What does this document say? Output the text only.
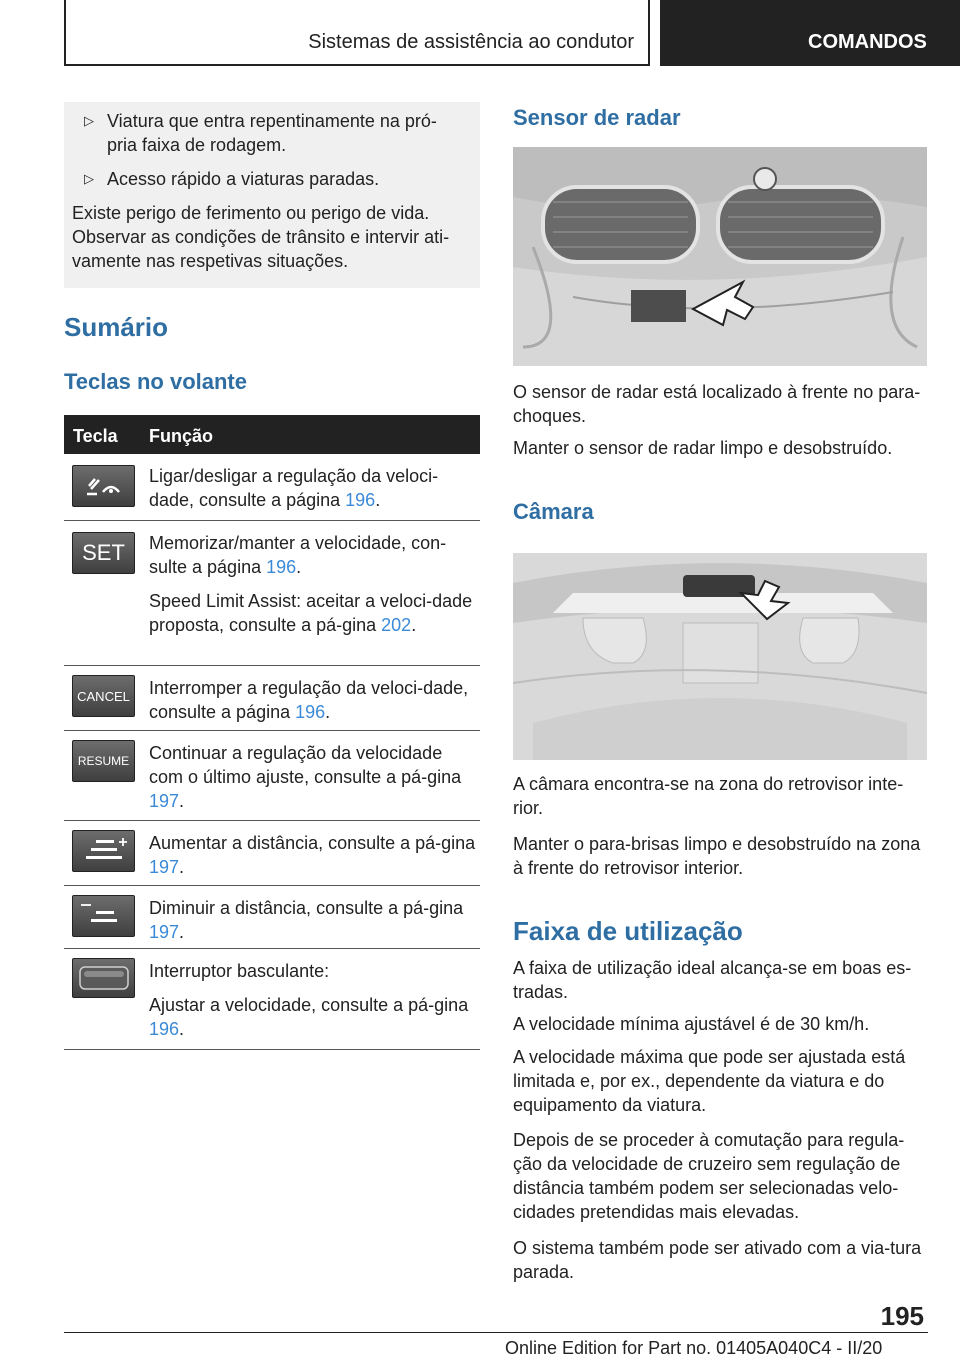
Sistemas de assistência ao condutor	COMANDOS
▷ Viatura que entra repentinamente na pró-
pria faixa de rodagem.
▷ Acesso rápido a viaturas paradas.
Existe perigo de ferimento ou perigo de vida. Observar as condições de trânsito e intervir ati-vamente nas respetivas situações.
Sumário
Teclas no volante
Tecla Função

Ligar/desligar a regulação da veloci-dade, consulte a página 196.

SET	Memorizar/manter a velocidade, con-sulte a página 196.

Speed Limit Assist: aceitar a veloci-dade proposta, consulte a pá-gina 202.

CANCEL Interromper a regulação da veloci-dade, consulte a página 196.

RESUME	Continuar a regulação da velocidade com o último ajuste, consulte a pá-gina 197.

Aumentar a distância, consulte a pá-gina 197.

Diminuir a distância, consulte a pá-gina 197.

Interruptor basculante:

Ajustar a velocidade, consulte a pá-gina 196.

Sensor de radar
O sensor de radar está localizado à frente no para-choques.
Manter o sensor de radar limpo e desobstruído.
Câmara
A câmara encontra-se na zona do retrovisor inte-rior.
Manter o para-brisas limpo e desobstruído na zona à frente do retrovisor interior.
Faixa de utilização
A faixa de utilização ideal alcança-se em boas es-tradas.
A velocidade mínima ajustável é de 30 km/h.
A velocidade máxima que pode ser ajustada está limitada e, por ex., dependente da viatura e do equipamento da viatura.
Depois de se proceder à comutação para regula-ção da velocidade de cruzeiro sem regulação de distância também podem ser selecionadas velo-cidades pretendidas mais elevadas.
O sistema também pode ser ativado com a via-tura parada.
195
Online Edition for Part no. 01405A040C4 - II/20
